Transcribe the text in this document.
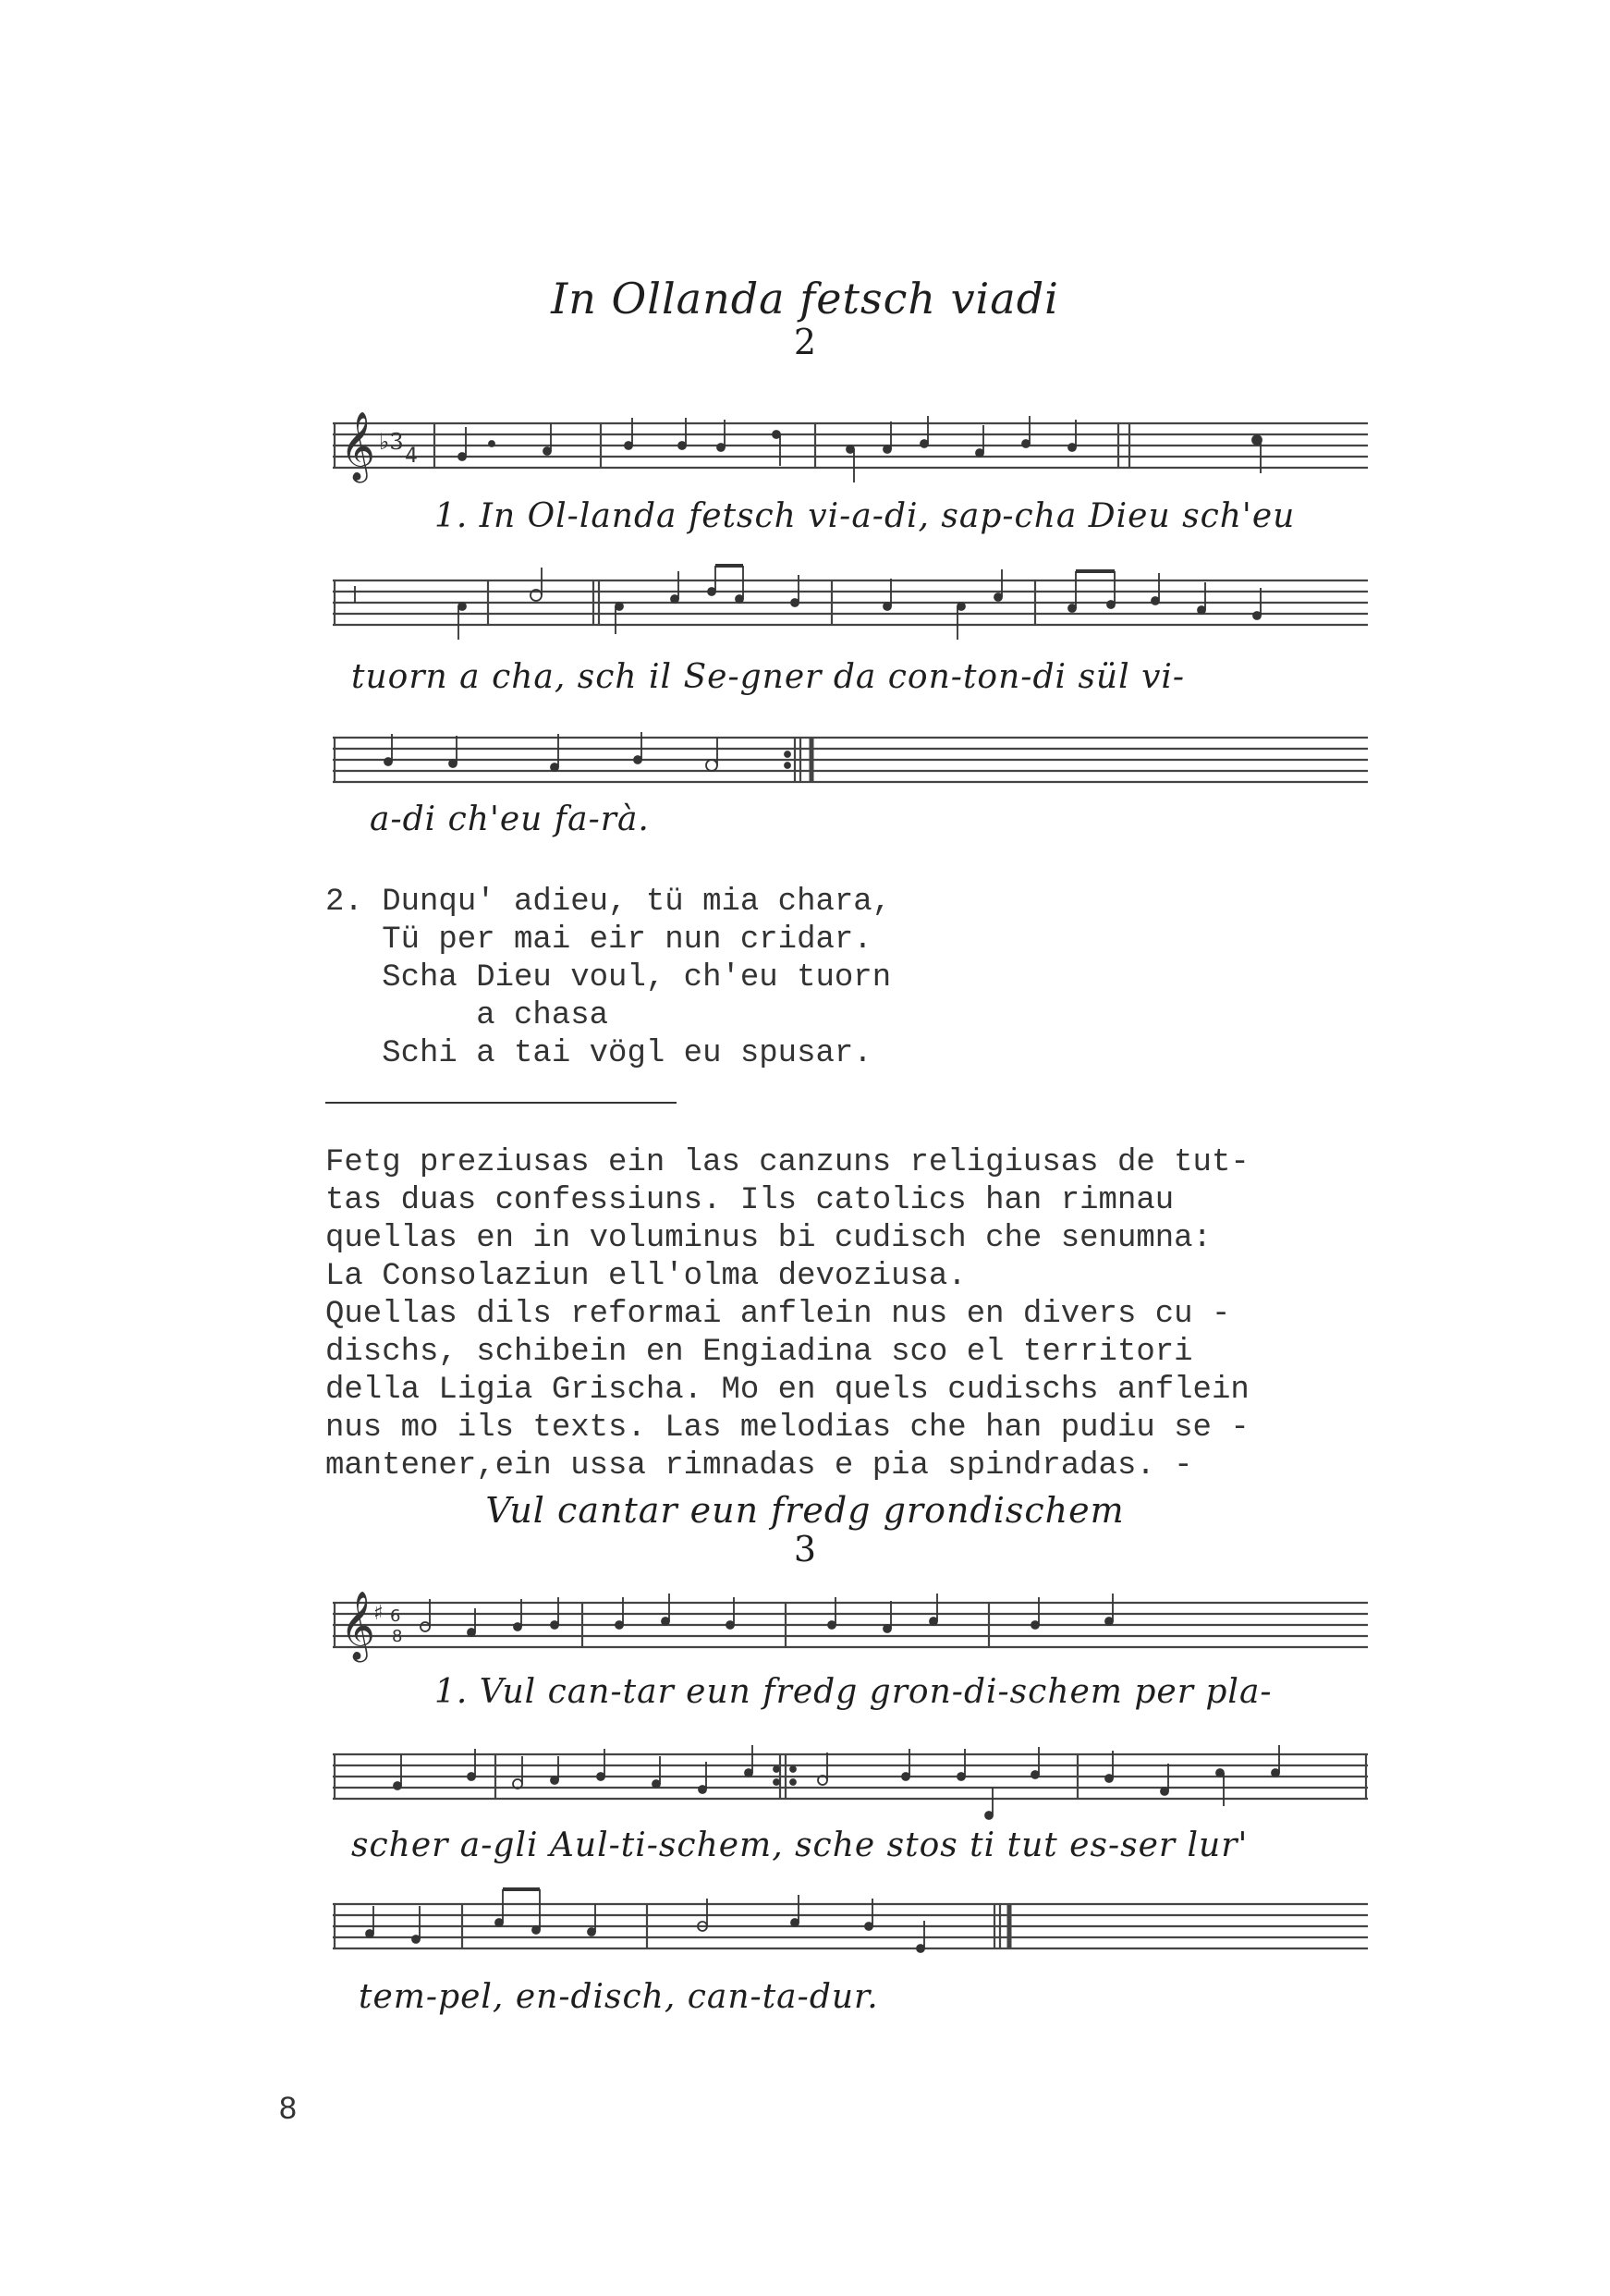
In Ollanda fetsch viadi
2
𝄞 ♭3
4
1. In Ol-landa fetsch vi-a-di, sap-cha Dieu sch'eu
tuorn a cha, sch il Se-gner da con-ton-di sül vi-
a-di ch'eu fa-rà.
2. Dunqu' adieu, tü mia chara,
Tü per mai eir nun cridar.
Scha Dieu voul, ch'eu tuorn
a chasa
Schi a tai vögl eu spusar.
Fetg preziusas ein las canzuns religiusas de tut-
tas duas confessiuns. Ils catolics han rimnau
quellas en in voluminus bi cudisch che senumna:
La Consolaziun ell'olma devoziusa.
Quellas dils reformai anflein nus en divers cu -
dischs, schibein en Engiadina sco el territori
della Ligia Grischa. Mo en quels cudischs anflein
nus mo ils texts. Las melodias che han pudiu se -
mantener,ein ussa rimnadas e pia spindradas. -
Vul cantar eun fredg grondischem
3
𝄞
♯ 6
8
1. Vul can-tar eun fredg gron-di-schem per pla-
scher a-gli Aul-ti-schem, sche stos ti tut es-ser lur'
tem-pel, en-disch, can-ta-dur.
8
